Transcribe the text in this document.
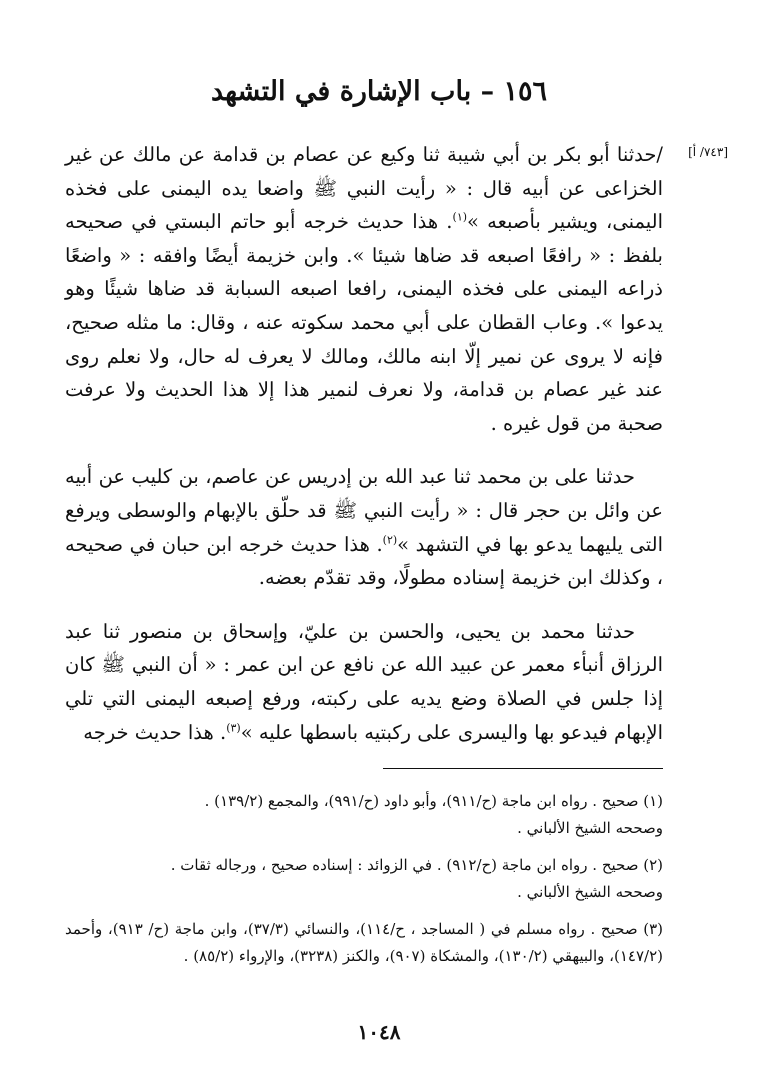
١٥٦ – باب الإشارة في التشهد
[٧٤٣/ أ]

/حدثنا أبو بكر بن أبي شيبة ثنا وكيع عن عصام بن قدامة عن مالك عن غير الخزاعى عن أبيه قال : « رأيت النبي ﷺ واضعا يده اليمنى على فخذه اليمنى، ويشير بأصبعه »$^{(١)}$. هذا حديث خرجه أبو حاتم البستي في صحيحه بلفظ : « رافعًا اصبعه قد ضاها شيئا ». وابن خزيمة أيضًا وافقه : « واضعًا ذراعه اليمنى على فخذه اليمنى، رافعا اصبعه السبابة قد ضاها شيئًا وهو يدعوا ». وعاب القطان على أبي محمد سكوته عنه ، وقال: ما مثله صحيح، فإنه لا يروى عن نمير إلّا ابنه مالك، ومالك لا يعرف له حال، ولا نعلم روى عند غير عصام بن قدامة، ولا نعرف لنمير هذا إلا هذا الحديث ولا عرفت صحبة من قول غيره .

حدثنا على بن محمد ثنا عبد الله بن إدريس عن عاصم، بن كليب عن أبيه عن وائل بن حجر قال : « رأيت النبي ﷺ قد حلّق بالإبهام والوسطى ويرفع التى يليهما يدعو بها في التشهد »$^{(٢)}$. هذا حديث خرجه ابن حبان في صحيحه ، وكذلك ابن خزيمة إسناده مطولًا، وقد تقدّم بعضه.

حدثنا محمد بن يحيى، والحسن بن عليّ، وإسحاق بن منصور ثنا عبد الرزاق أنبأء معمر عن عبيد الله عن نافع عن ابن عمر : « أن النبي ﷺ كان إذا جلس في الصلاة وضع يديه على ركبته، ورفع إصبعه اليمنى التي تلي الإبهام فيدعو بها واليسرى على ركبتيه باسطها عليه »$^{(٣)}$. هذا حديث خرجه

(١) صحيح . رواه ابن ماجة (ح/٩١١)، وأبو داود (ح/٩٩١)، والمجمع (١٣٩/٢) .
وصححه الشيخ الألباني .
(٢) صحيح . رواه ابن ماجة (ح/٩١٢) . في الزوائد : إسناده صحيح ، ورجاله ثقات .
وصححه الشيخ الألباني .
(٣) صحيح . رواه مسلم في ( المساجد ، ح/١١٤)، والنسائي (٣٧/٣)، وابن ماجة (ح/ ٩١٣)، وأحمد (١٤٧/٢)، والبيهقي (١٣٠/٢)، والمشكاة (٩٠٧)، والكنز (٣٢٣٨)، والإرواء (٨٥/٢) .
١٠٤٨
